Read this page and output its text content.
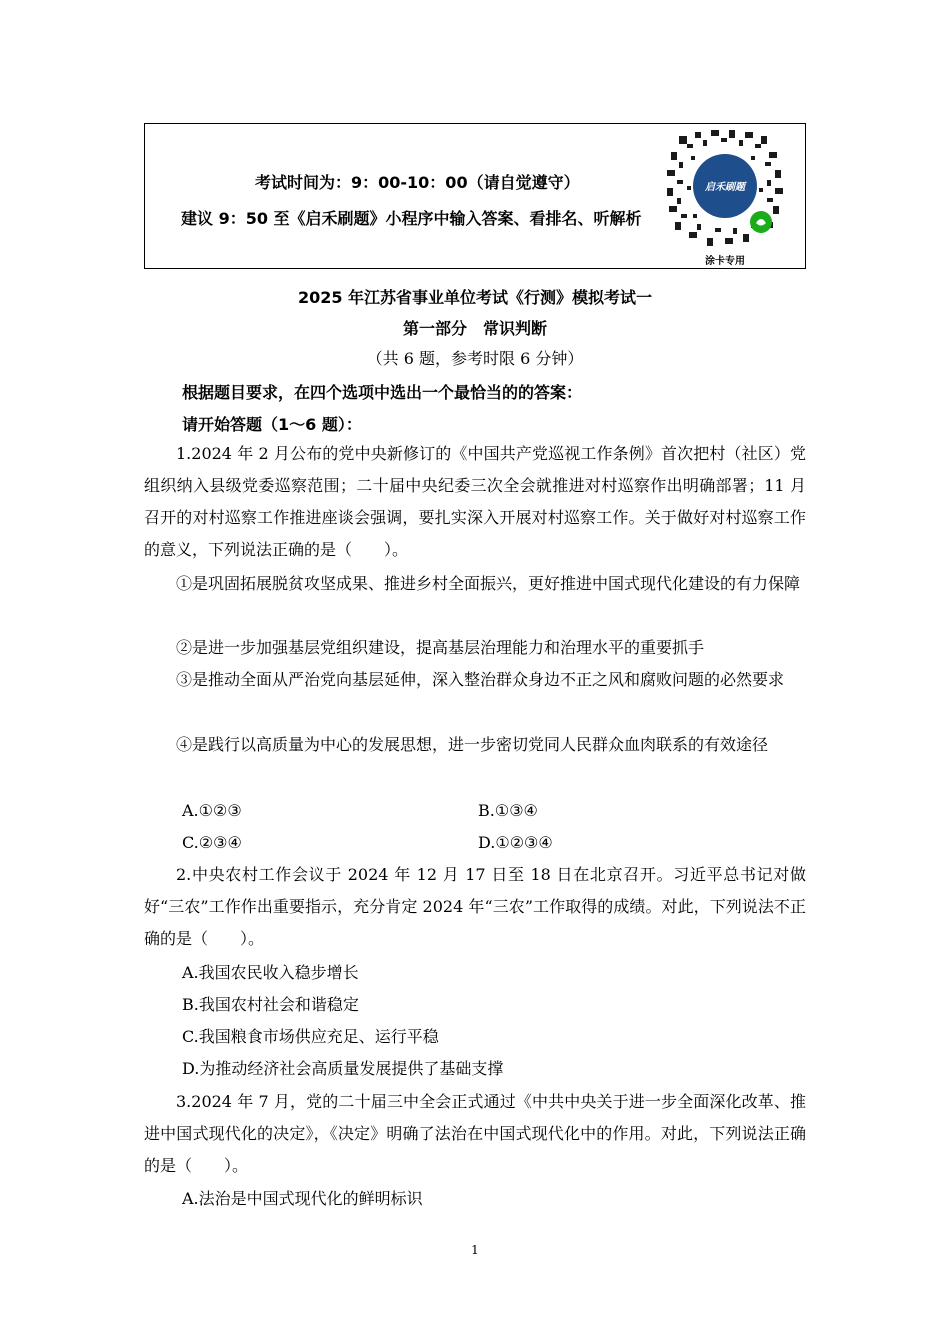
考试时间为：9：00-10：00（请自觉遵守）
建议 9：50 至《启禾刷题》小程序中输入答案、看排名、听解析
启禾刷题
涂卡专用
2025 年江苏省事业单位考试《行测》模拟考试一
第一部分　常识判断
（共 6 题，参考时限 6 分钟）
根据题目要求，在四个选项中选出一个最恰当的的答案：
请开始答题（1～6 题）：
1.2024 年 2 月公布的党中央新修订的《中国共产党巡视工作条例》首次把村（社区）党组织纳入县级党委巡察范围；二十届中央纪委三次全会就推进对村巡察作出明确部署；11 月召开的对村巡察工作推进座谈会强调，要扎实深入开展对村巡察工作。关于做好对村巡察工作的意义，下列说法正确的是（　　）。
①是巩固拓展脱贫攻坚成果、推进乡村全面振兴，更好推进中国式现代化建设的有力保障
②是进一步加强基层党组织建设，提高基层治理能力和治理水平的重要抓手
③是推动全面从严治党向基层延伸，深入整治群众身边不正之风和腐败问题的必然要求
④是践行以高质量为中心的发展思想，进一步密切党同人民群众血肉联系的有效途径
A.①②③	B.①③④
C.②③④	D.①②③④
2.中央农村工作会议于 2024 年 12 月 17 日至 18 日在北京召开。习近平总书记对做好“三农”工作作出重要指示，充分肯定 2024 年“三农”工作取得的成绩。对此，下列说法不正确的是（　　）。
A.我国农民收入稳步增长
B.我国农村社会和谐稳定
C.我国粮食市场供应充足、运行平稳
D.为推动经济社会高质量发展提供了基础支撑
3.2024 年 7 月，党的二十届三中全会正式通过《中共中央关于进一步全面深化改革、推进中国式现代化的决定》，《决定》明确了法治在中国式现代化中的作用。对此，下列说法正确的是（　　）。
A.法治是中国式现代化的鲜明标识
1
